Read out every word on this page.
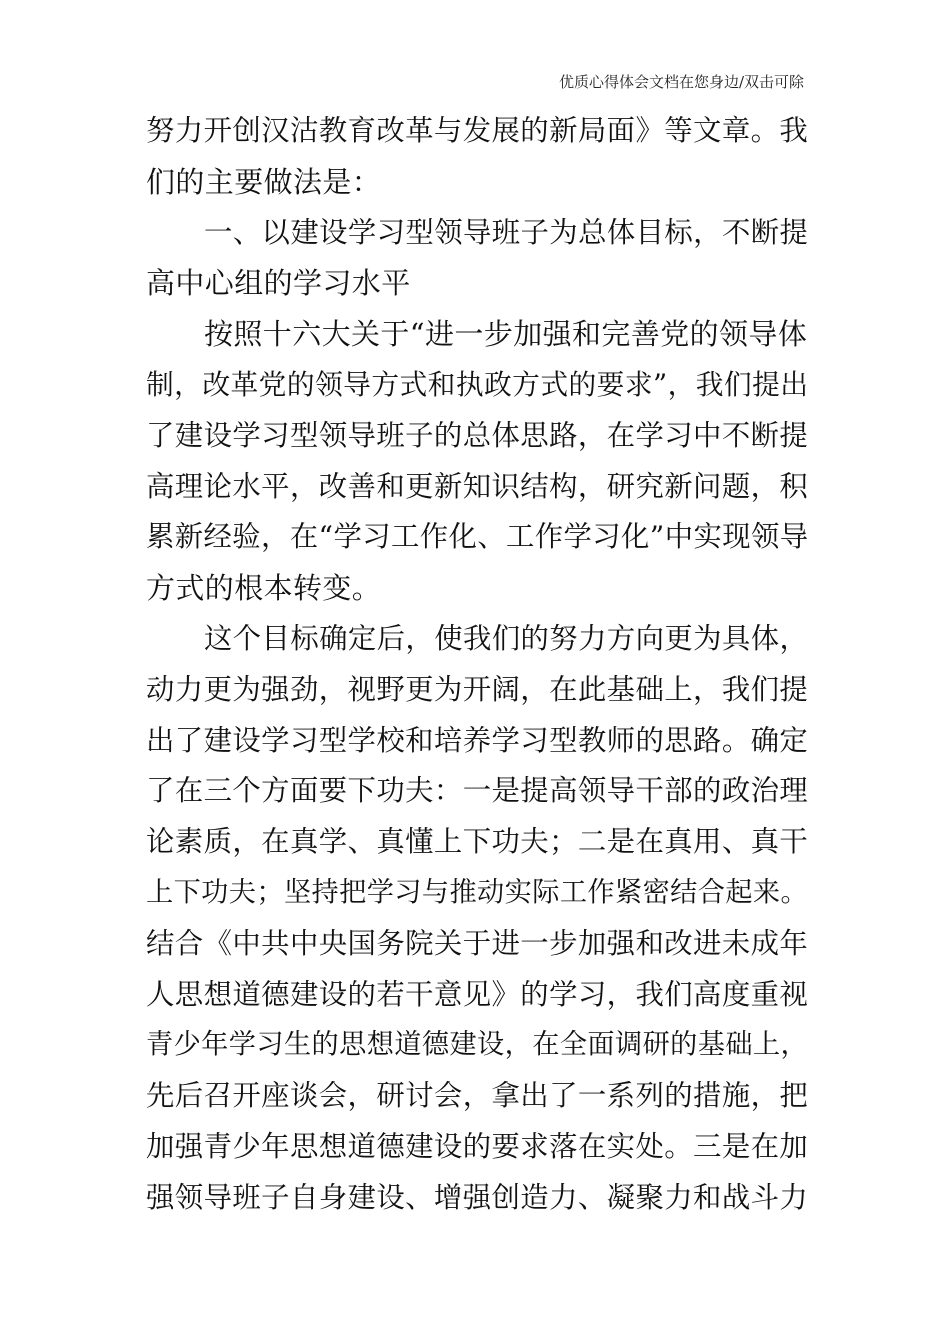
优质心得体会文档在您身边/双击可除
努力开创汉沽教育改革与发展的新局面》等文章。我
们的主要做法是：
一、以建设学习型领导班子为总体目标，不断提
高中心组的学习水平
按照十六大关于“进一步加强和完善党的领导体
制，改革党的领导方式和执政方式的要求”，我们提出
了建设学习型领导班子的总体思路，在学习中不断提
高理论水平，改善和更新知识结构，研究新问题，积
累新经验，在“学习工作化、工作学习化”中实现领导
方式的根本转变。
这个目标确定后，使我们的努力方向更为具体，
动力更为强劲，视野更为开阔，在此基础上，我们提
出了建设学习型学校和培养学习型教师的思路。确定
了在三个方面要下功夫：一是提高领导干部的政治理
论素质，在真学、真懂上下功夫；二是在真用、真干
上下功夫；坚持把学习与推动实际工作紧密结合起来。
结合《中共中央国务院关于进一步加强和改进未成年
人思想道德建设的若干意见》的学习，我们高度重视
青少年学习生的思想道德建设，在全面调研的基础上，
先后召开座谈会，研讨会，拿出了一系列的措施，把
加强青少年思想道德建设的要求落在实处。三是在加
强领导班子自身建设、增强创造力、凝聚力和战斗力
